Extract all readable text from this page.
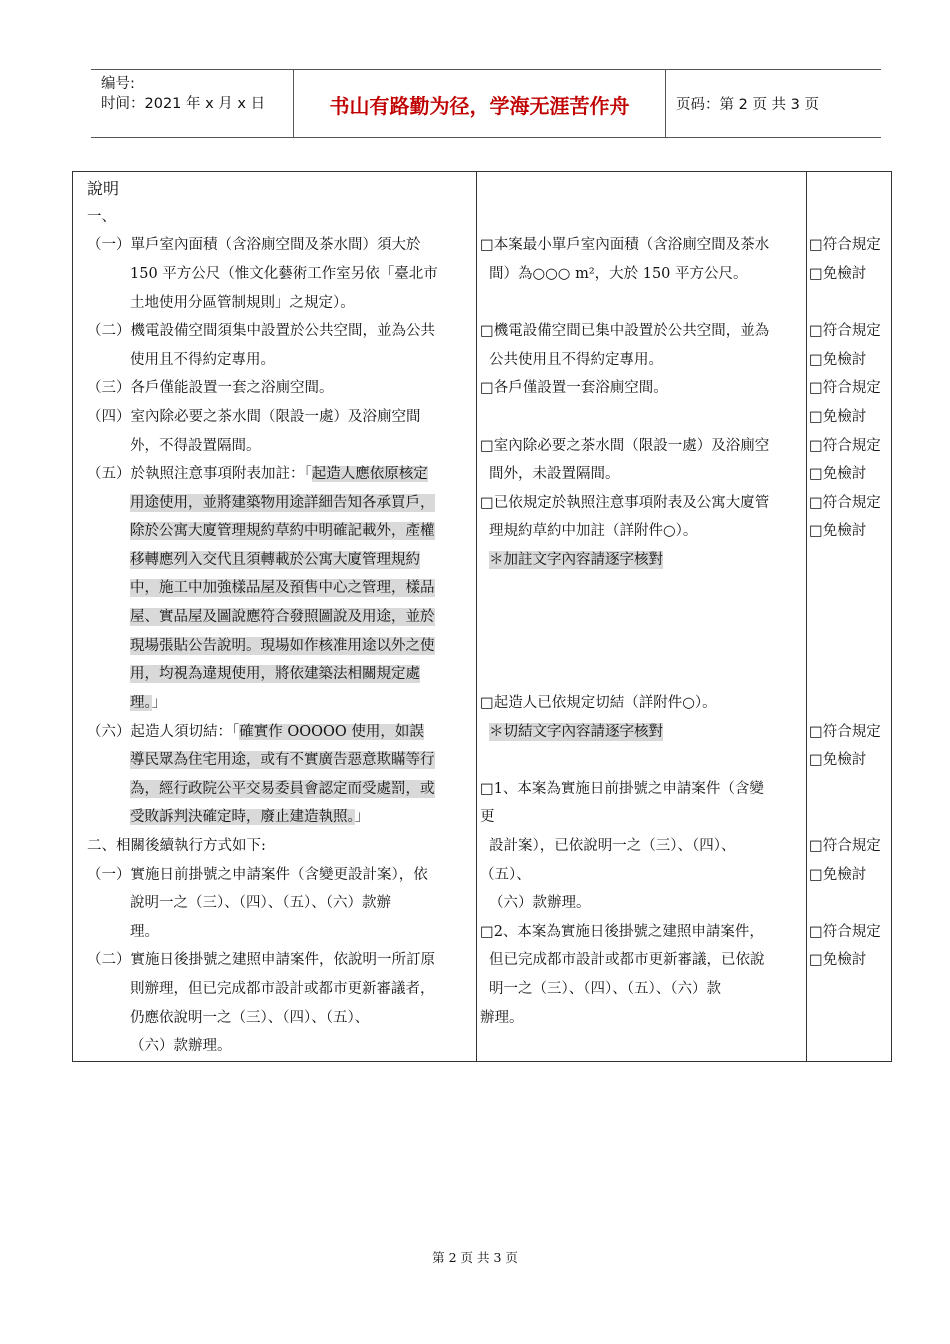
编号:
时间：2021 年 x 月 x 日	书山有路勤为径，学海无涯苦作舟	页码：第 2 页 共 3 页
說明
一、
（一）單戶室內面積（含浴廁空間及茶水間）須大於
150 平方公尺（惟文化藝術工作室另依「臺北市
土地使用分區管制規則」之規定）。
（二）機電設備空間須集中設置於公共空間，並為公共
使用且不得約定專用。
（三）各戶僅能設置一套之浴廁空間。
（四）室內除必要之茶水間（限設一處）及浴廁空間
外，不得設置隔間。
（五）於執照注意事項附表加註：「起造人應依原核定
用途使用，並將建築物用途詳細告知各承買戶，
除於公寓大廈管理規約草約中明確記載外，產權
移轉應列入交代且須轉載於公寓大廈管理規約
中，施工中加強樣品屋及預售中心之管理，樣品
屋、實品屋及圖說應符合發照圖說及用途，並於
現場張貼公告說明。現場如作核准用途以外之使
用，均視為違規使用，將依建築法相關規定處
理。」
（六）起造人須切結：「確實作 OOOOO 使用，如誤
導民眾為住宅用途，或有不實廣告惡意欺瞞等行
為，經行政院公平交易委員會認定而受處罰，或
受敗訴判決確定時，廢止建造執照。」
二、相關後續執行方式如下:
（一）實施日前掛號之申請案件（含變更設計案），依
說明一之（三）、（四）、（五）、（六）款辦
理。
（二）實施日後掛號之建照申請案件，依說明一所訂原
則辦理，但已完成都市設計或都市更新審議者，
仍應依說明一之（三）、（四）、（五）、
（六）款辦理。
□本案最小單戶室內面積（含浴廁空間及茶水
間）為○○○ m²，大於 150 平方公尺。
□機電設備空間已集中設置於公共空間，並為
公共使用且不得約定專用。
□各戶僅設置一套浴廁空間。
□室內除必要之茶水間（限設一處）及浴廁空
間外，未設置隔間。
□已依規定於執照注意事項附表及公寓大廈管
理規約草約中加註（詳附件○）。
＊加註文字內容請逐字核對
□起造人已依規定切結（詳附件○）。
＊切結文字內容請逐字核對
□1、本案為實施日前掛號之申請案件（含變
更
設計案），已依說明一之（三）、（四）、
（五）、
（六）款辦理。
□2、本案為實施日後掛號之建照申請案件，
但已完成都市設計或都市更新審議，已依說
明一之（三）、（四）、（五）、（六）款
辦理。
□符合規定
□免檢討
□符合規定
□免檢討
□符合規定
□免檢討
□符合規定
□免檢討
□符合規定
□免檢討
□符合規定
□免檢討
□符合規定
□免檢討
□符合規定
□免檢討
第 2 页 共 3 页
